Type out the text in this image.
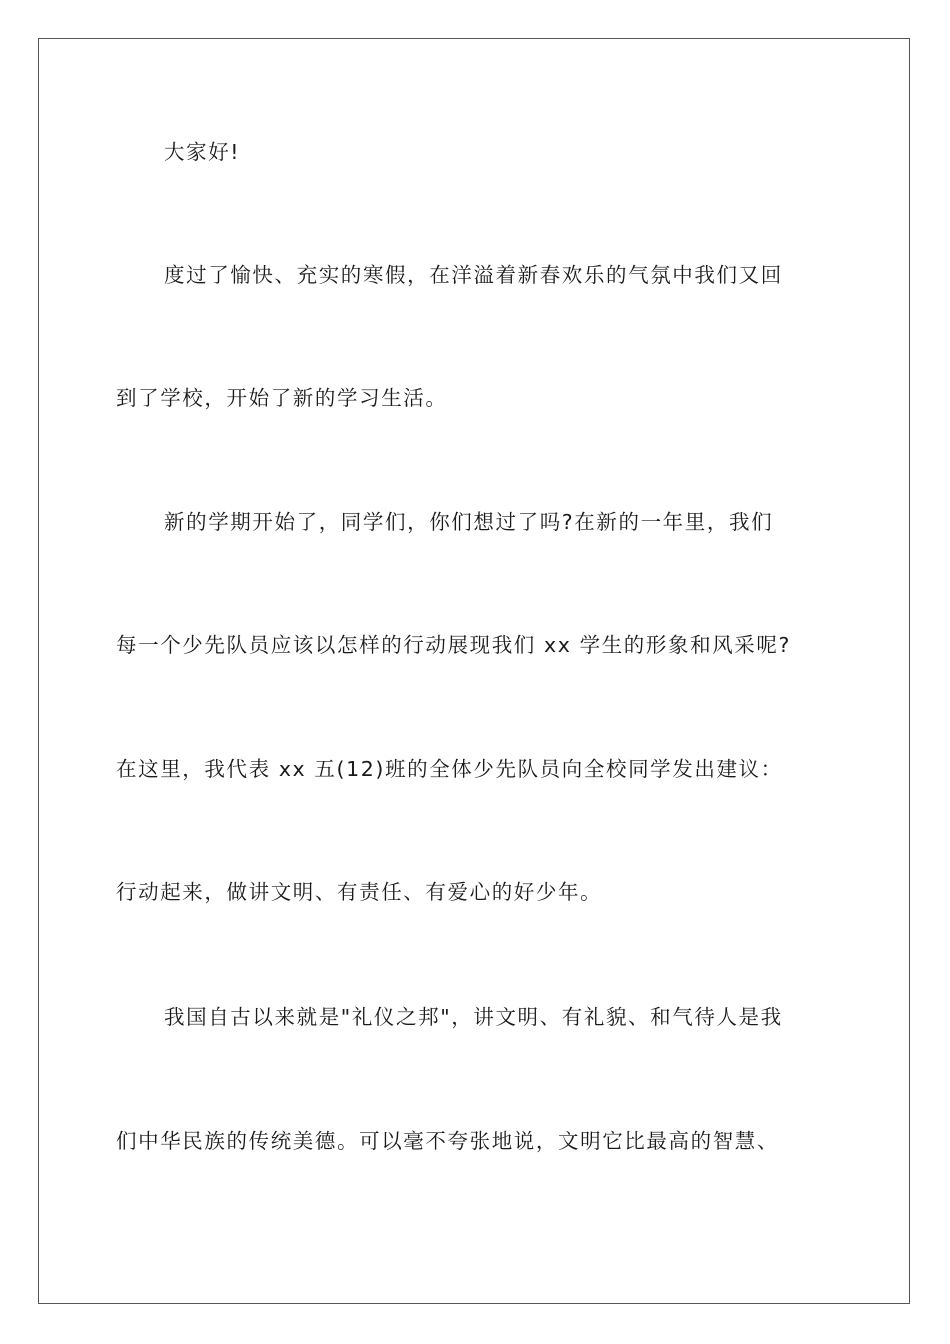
大家好!

度过了愉快、充实的寒假，在洋溢着新春欢乐的气氛中我们又回

到了学校，开始了新的学习生活。

新的学期开始了，同学们，你们想过了吗?在新的一年里，我们

每一个少先队员应该以怎样的行动展现我们 xx 学生的形象和风采呢?

在这里，我代表 xx 五(12)班的全体少先队员向全校同学发出建议：

行动起来，做讲文明、有责任、有爱心的好少年。

我国自古以来就是"礼仪之邦"，讲文明、有礼貌、和气待人是我

们中华民族的传统美德。可以毫不夸张地说，文明它比最高的智慧、
